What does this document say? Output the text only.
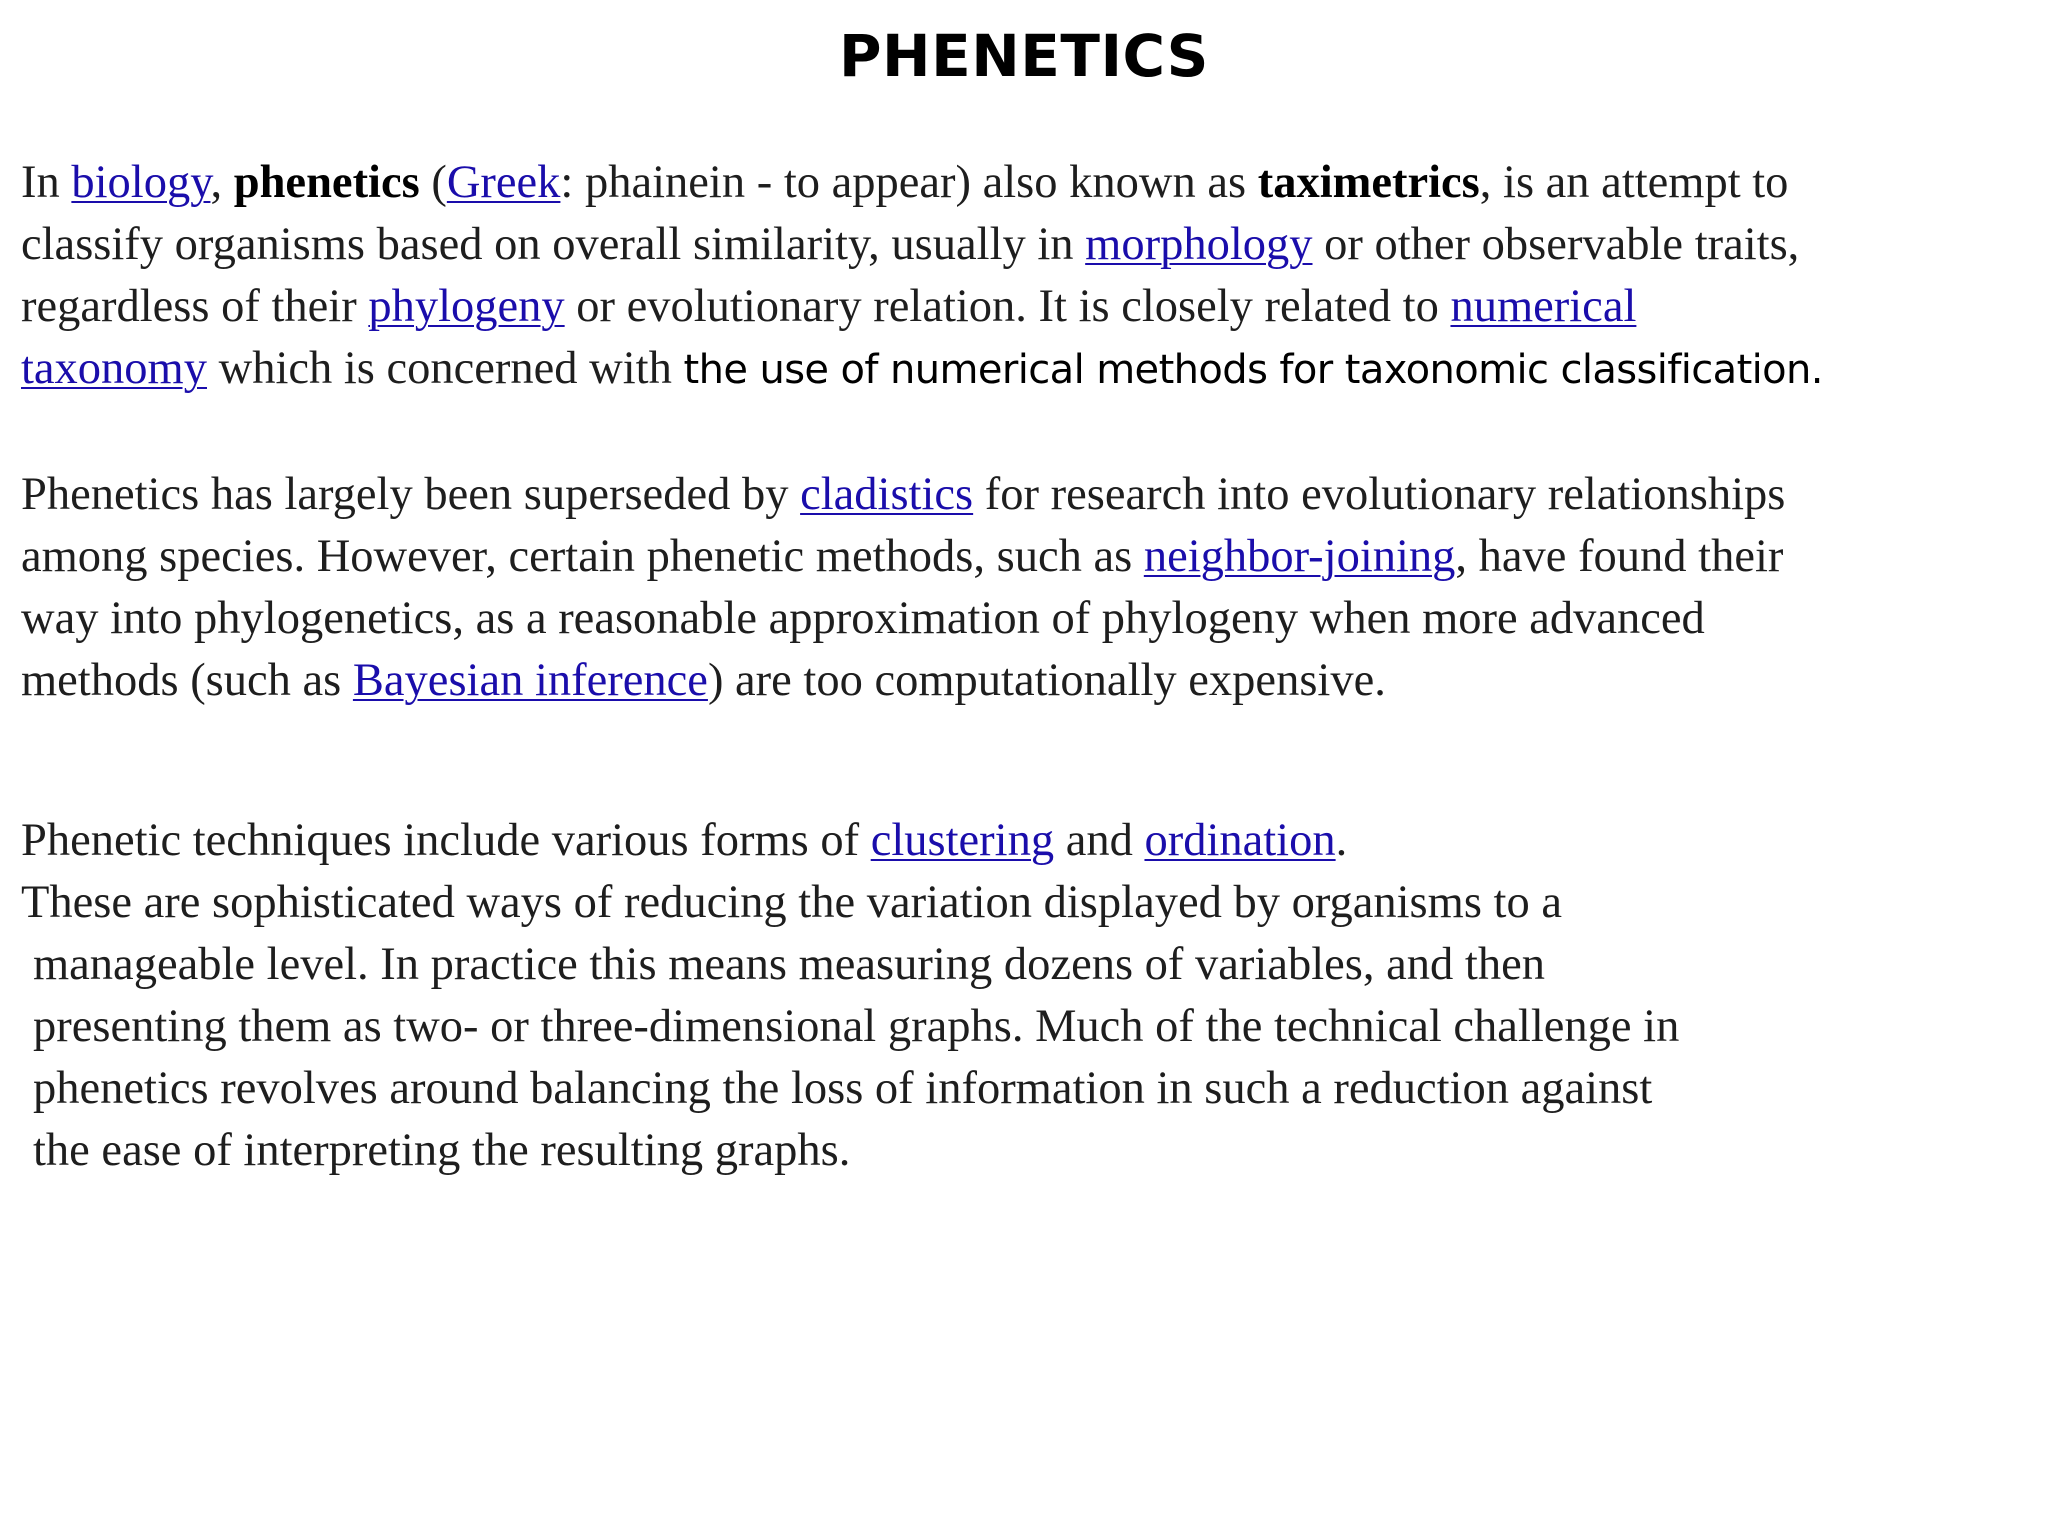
PHENETICS
In biology, phenetics (Greek: phainein - to appear) also known as taximetrics, is an attempt to
classify organisms based on overall similarity, usually in morphology or other observable traits,
regardless of their phylogeny or evolutionary relation. It is closely related to numerical
taxonomy which is concerned with the use of numerical methods for taxonomic classification.
Phenetics has largely been superseded by cladistics for research into evolutionary relationships
among species. However, certain phenetic methods, such as neighbor-joining, have found their
way into phylogenetics, as a reasonable approximation of phylogeny when more advanced
methods (such as Bayesian inference) are too computationally expensive.
Phenetic techniques include various forms of clustering and ordination.
These are sophisticated ways of reducing the variation displayed by organisms to a
manageable level. In practice this means measuring dozens of variables, and then
presenting them as two- or three-dimensional graphs. Much of the technical challenge in
phenetics revolves around balancing the loss of information in such a reduction against
the ease of interpreting the resulting graphs.
